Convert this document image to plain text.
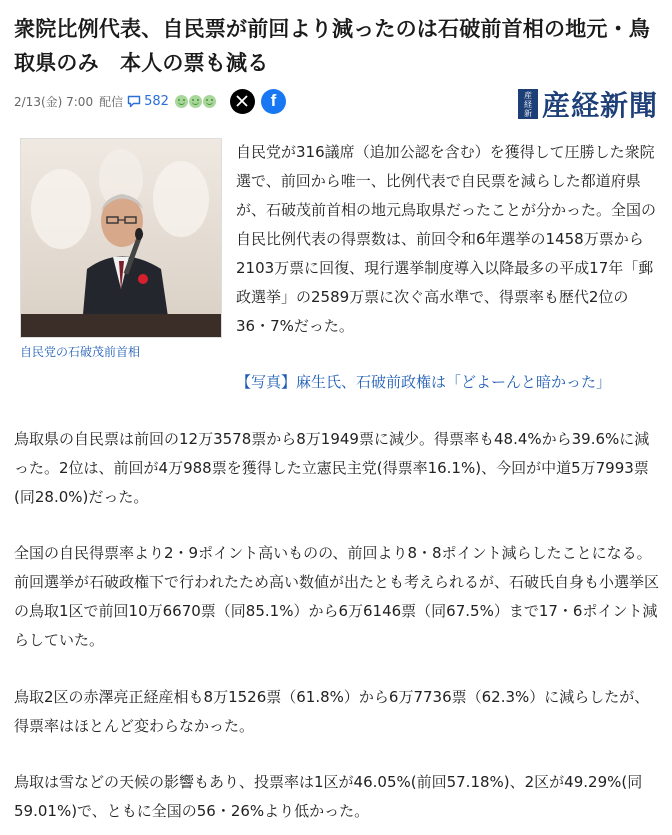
衆院比例代表、自民票が前回より減ったのは石破前首相の地元・鳥取県のみ　本人の票も減る
2/13(金) 7:00 配信 582	f	産
経
新 産経新聞
自民党の石破茂前首相

自民党が316議席（追加公認を含む）を獲得して圧勝した衆院選で、前回から唯一、比例代表で自民票を減らした都道府県が、石破茂前首相の地元鳥取県だったことが分かった。全国の自民比例代表の得票数は、前回令和6年選挙の1458万票から2103万票に回復、現行選挙制度導入以降最多の平成17年「郵政選挙」の2589万票に次ぐ高水準で、得票率も歴代2位の36・7%だった。

【写真】麻生氏、石破前政権は「どよーんと暗かった」

鳥取県の自民票は前回の12万3578票から8万1949票に減少。得票率も48.4%から39.6%に減った。2位は、前回が4万988票を獲得した立憲民主党(得票率16.1%)、今回が中道5万7993票(同28.0%)だった。

全国の自民得票率より2・9ポイント高いものの、前回より8・8ポイント減らしたことになる。前回選挙が石破政権下で行われたため高い数値が出たとも考えられるが、石破氏自身も小選挙区の鳥取1区で前回10万6670票（同85.1%）から6万6146票（同67.5%）まで17・6ポイント減らしていた。

鳥取2区の赤澤亮正経産相も8万1526票（61.8%）から6万7736票（62.3%）に減らしたが、得票率はほとんど変わらなかった。

鳥取は雪などの天候の影響もあり、投票率は1区が46.05%(前回57.18%)、2区が49.29%(同59.01%)で、ともに全国の56・26%より低かった。
